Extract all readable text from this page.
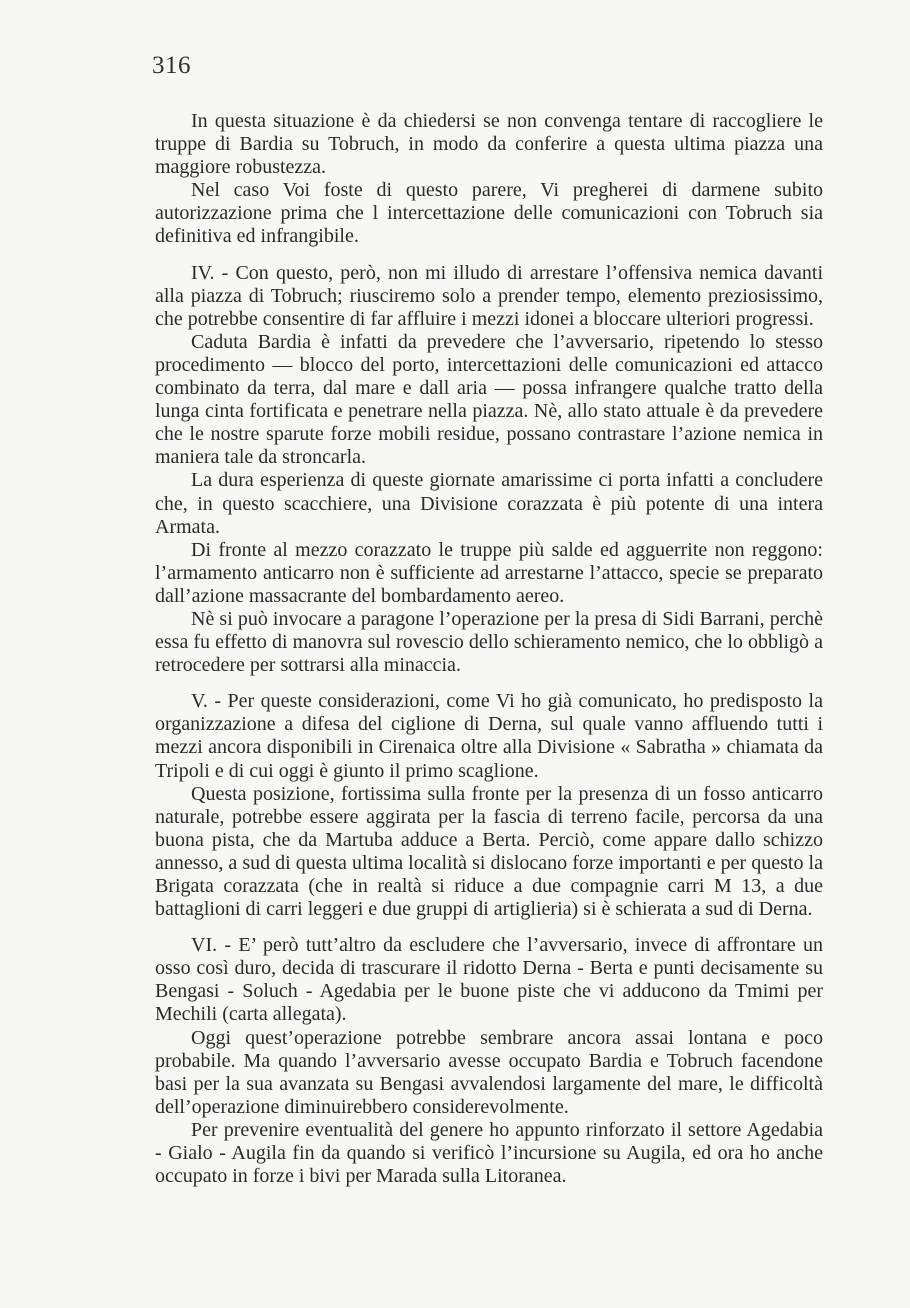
316

In questa situazione è da chiedersi se non convenga tentare di raccogliere le truppe di Bardia su Tobruch, in modo da conferire a questa ultima piazza una maggiore robustezza.

Nel caso Voi foste di questo parere, Vi pregherei di darmene subito autorizzazione prima che l intercettazione delle comunicazioni con Tobruch sia definitiva ed infrangibile.

IV. - Con questo, però, non mi illudo di arrestare l’offensiva nemica davanti alla piazza di Tobruch; riusciremo solo a prender tempo, elemento preziosissimo, che potrebbe consentire di far affluire i mezzi idonei a bloccare ulteriori progressi.

Caduta Bardia è infatti da prevedere che l’avversario, ripetendo lo stesso procedimento — blocco del porto, intercettazioni delle comunicazioni ed attacco combinato da terra, dal mare e dall aria — possa infrangere qualche tratto della lunga cinta fortificata e penetrare nella piazza. Nè, allo stato attuale è da prevedere che le nostre sparute forze mobili residue, possano contrastare l’azione nemica in maniera tale da stroncarla.

La dura esperienza di queste giornate amarissime ci porta infatti a concludere che, in questo scacchiere, una Divisione corazzata è più potente di una intera Armata.

Di fronte al mezzo corazzato le truppe più salde ed agguerrite non reggono: l’armamento anticarro non è sufficiente ad arrestarne l’attacco, specie se preparato dall’azione massacrante del bombardamento aereo.

Nè si può invocare a paragone l’operazione per la presa di Sidi Barrani, perchè essa fu effetto di manovra sul rovescio dello schieramento nemico, che lo obbligò a retrocedere per sottrarsi alla minaccia.

V. - Per queste considerazioni, come Vi ho già comunicato, ho predisposto la organizzazione a difesa del ciglione di Derna, sul quale vanno affluendo tutti i mezzi ancora disponibili in Cirenaica oltre alla Divisione « Sabratha » chiamata da Tripoli e di cui oggi è giunto il primo scaglione.

Questa posizione, fortissima sulla fronte per la presenza di un fosso anticarro naturale, potrebbe essere aggirata per la fascia di terreno facile, percorsa da una buona pista, che da Martuba adduce a Berta. Perciò, come appare dallo schizzo annesso, a sud di questa ultima località si dislocano forze importanti e per questo la Brigata corazzata (che in realtà si riduce a due compagnie carri M 13, a due battaglioni di carri leggeri e due gruppi di artiglieria) si è schierata a sud di Derna.

VI. - E’ però tutt’altro da escludere che l’avversario, invece di affrontare un osso così duro, decida di trascurare il ridotto Derna - Berta e punti decisamente su Bengasi - Soluch - Agedabia per le buone piste che vi adducono da Tmimi per Mechili (carta allegata).

Oggi quest’operazione potrebbe sembrare ancora assai lontana e poco probabile. Ma quando l’avversario avesse occupato Bardia e Tobruch facendone basi per la sua avanzata su Bengasi avvalendosi largamente del mare, le difficoltà dell’operazione diminuirebbero considerevolmente.

Per prevenire eventualità del genere ho appunto rinforzato il settore Agedabia - Gialo - Augila fin da quando si verificò l’incursione su Augila, ed ora ho anche occupato in forze i bivi per Marada sulla Litoranea.
